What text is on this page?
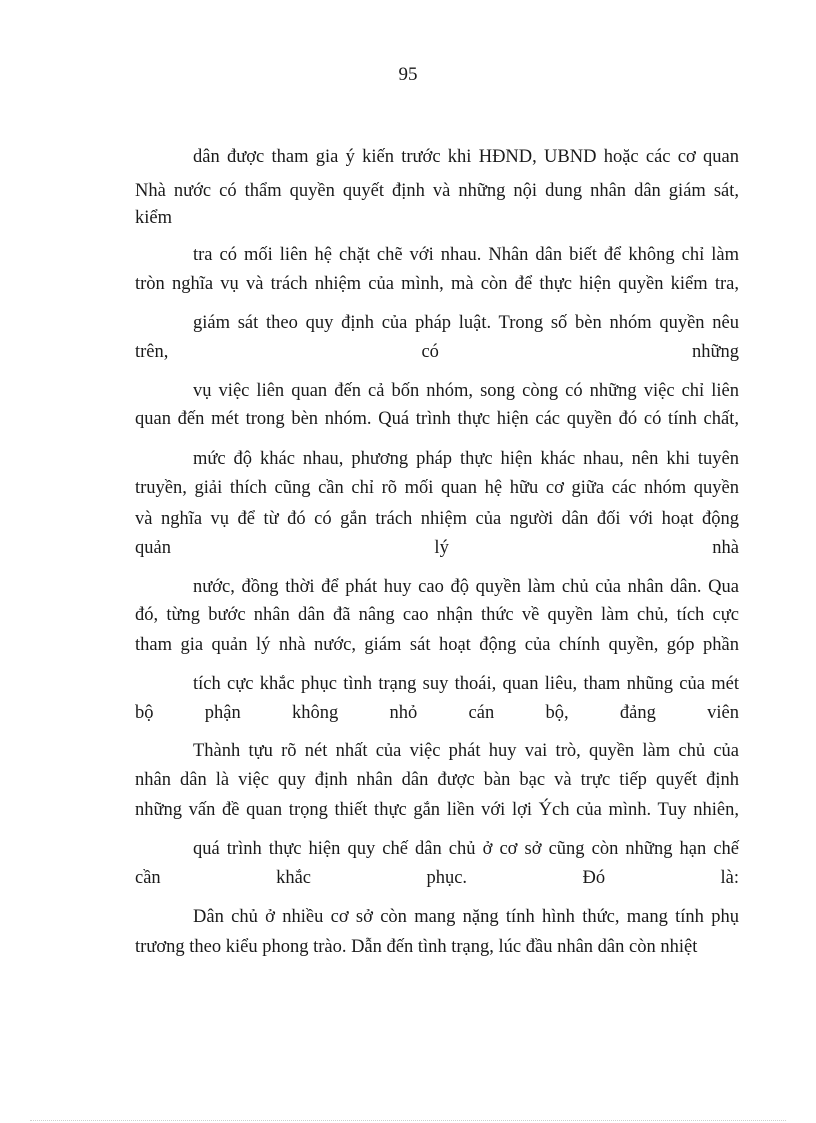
95
dân được tham gia ý kiến trước khi HĐND, UBND hoặc các cơ quan
Nhà nước có thẩm quyền quyết định và những nội dung nhân dân giám sát,
kiểm
tra có mối liên hệ chặt chẽ với nhau. Nhân dân biết để không chỉ làm
tròn nghĩa vụ và trách nhiệm của mình, mà còn để thực hiện quyền kiểm tra,
giám sát theo quy định của pháp luật. Trong số bèn nhóm quyền nêu
trên, có những
vụ việc liên quan đến cả bốn nhóm, song còng có những việc chỉ liên
quan đến mét trong bèn nhóm. Quá trình thực hiện các quyền đó có tính chất,
mức độ khác nhau, phương pháp thực hiện khác nhau, nên khi tuyên
truyền, giải thích cũng cần chỉ rõ mối quan hệ hữu cơ giữa các nhóm quyền
và nghĩa vụ để từ đó có gắn trách nhiệm của người dân đối với hoạt động
quản lý nhà
nước, đồng thời để phát huy cao độ quyền làm chủ của nhân dân. Qua
đó, từng bước nhân dân đã nâng cao nhận thức về quyền làm chủ, tích cực
tham gia quản lý nhà nước, giám sát hoạt động của chính quyền, góp phần
tích cực khắc phục tình trạng suy thoái, quan liêu, tham nhũng của mét
bộ phận không nhỏ cán bộ, đảng viên
Thành tựu rõ nét nhất của việc phát huy vai trò, quyền làm chủ của
nhân dân là việc quy định nhân dân được bàn bạc và trực tiếp quyết định
những vấn đề quan trọng thiết thực gắn liền với lợi Ých của mình. Tuy nhiên,
quá trình thực hiện quy chế dân chủ ở cơ sở cũng còn những hạn chế
cần khắc phục. Đó là:
Dân chủ ở nhiều cơ sở còn mang nặng tính hình thức, mang tính phụ
trương theo kiểu phong trào. Dẫn đến tình trạng, lúc đầu nhân dân còn nhiệt
